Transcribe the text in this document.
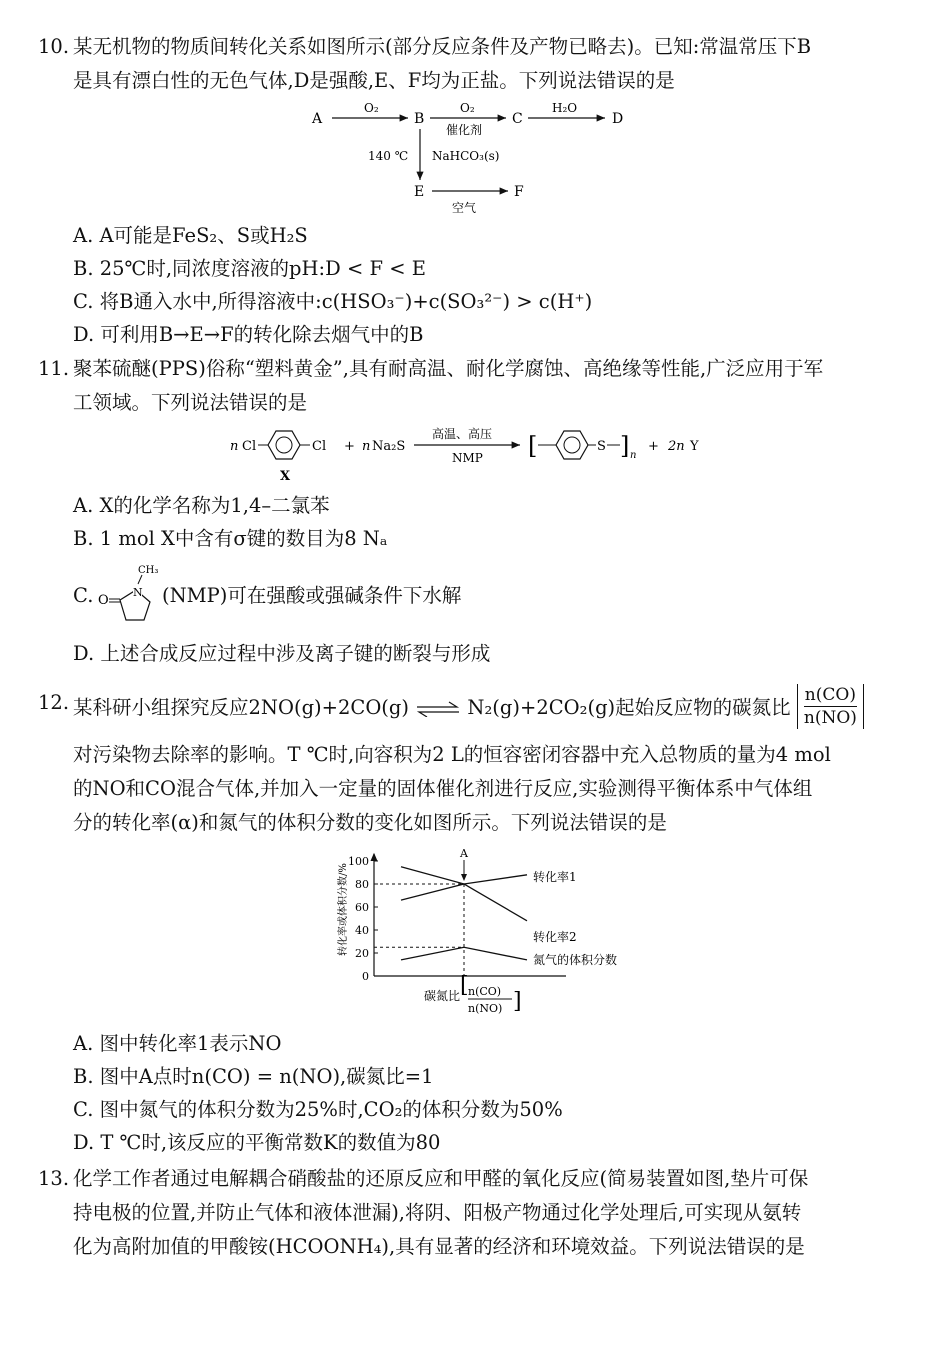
10. 某无机物的物质间转化关系如图所示(部分反应条件及产物已略去)。已知:常温常压下B
是具有漂白性的无色气体,D是强酸,E、F均为正盐。下列说法错误的是
A
O₂
B
O₂
催化剂
C
H₂O
D
140 ℃ NaHCO₃(s)
E
空气
F
A. A可能是FeS₂、S或H₂S
B. 25℃时,同浓度溶液的pH:D < F < E
C. 将B通入水中,所得溶液中:c(HSO₃⁻)+c(SO₃²⁻) > c(H⁺)
D. 可利用B→E→F的转化除去烟气中的B
11. 聚苯硫醚(PPS)俗称“塑料黄金”,具有耐高温、耐化学腐蚀、高绝缘等性能,广泛应用于军
工领域。下列说法错误的是
n Cl	Cl
X
+ n Na₂S
高温、高压
NMP [	S ] n
+ 2n Y
A. X的化学名称为1,4–二氯苯
B. 1 mol X中含有σ键的数目为8 Nₐ
C. O
N
CH₃
(NMP)可在强酸或强碱条件下水解
D. 上述合成反应过程中涉及离子键的断裂与形成
12. 某科研小组探究反应2NO(g)+2CO(g) ⇌ N₂(g)+2CO₂(g)起始反应物的碳氮比 $\frac{n(CO)}{n(NO)}$
对污染物去除率的影响。T ℃时,向容积为2 L的恒容密闭容器中充入总物质的量为4 mol
的NO和CO混合气体,并加入一定量的固体催化剂进行反应,实验测得平衡体系中气体组
分的转化率(α)和氮气的体积分数的变化如图所示。下列说法错误的是
转化率或体积分数/%
0
20
40
60
80
100
A
转化率1
转化率2
氮气的体积分数
碳氮比 [ n(CO)
n(NO) ]
A. 图中转化率1表示NO
B. 图中A点时n(CO) = n(NO),碳氮比=1
C. 图中氮气的体积分数为25%时,CO₂的体积分数为50%
D. T ℃时,该反应的平衡常数K的数值为80
13. 化学工作者通过电解耦合硝酸盐的还原反应和甲醛的氧化反应(简易装置如图,垫片可保
持电极的位置,并防止气体和液体泄漏),将阴、阳极产物通过化学处理后,可实现从氨转
化为高附加值的甲酸铵(HCOONH₄),具有显著的经济和环境效益。下列说法错误的是
